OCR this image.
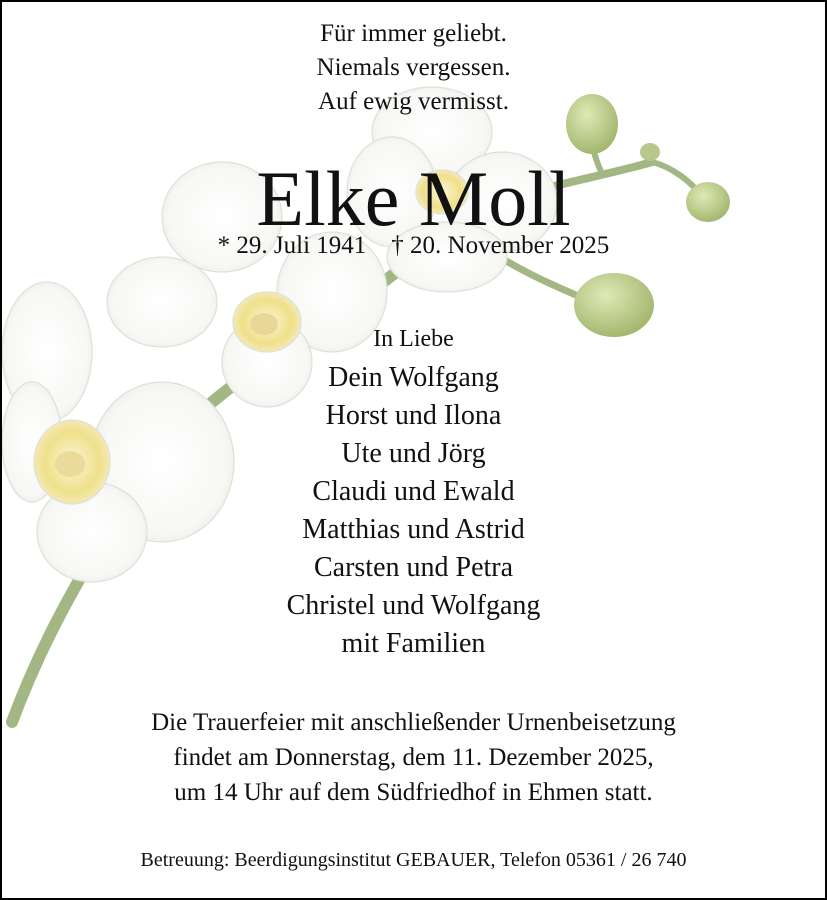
Für immer geliebt.
Niemals vergessen.
Auf ewig vermisst.
Elke Moll
* 29. Juli 1941    † 20. November 2025
In Liebe
Dein Wolfgang
Horst und Ilona
Ute und Jörg
Claudi und Ewald
Matthias und Astrid
Carsten und Petra
Christel und Wolfgang
mit Familien
Die Trauerfeier mit anschließender Urnenbeisetzung
findet am Donnerstag, dem 11. Dezember 2025,
um 14 Uhr auf dem Südfriedhof in Ehmen statt.
Betreuung: Beerdigungsinstitut GEBAUER, Telefon 05361 / 26 740
